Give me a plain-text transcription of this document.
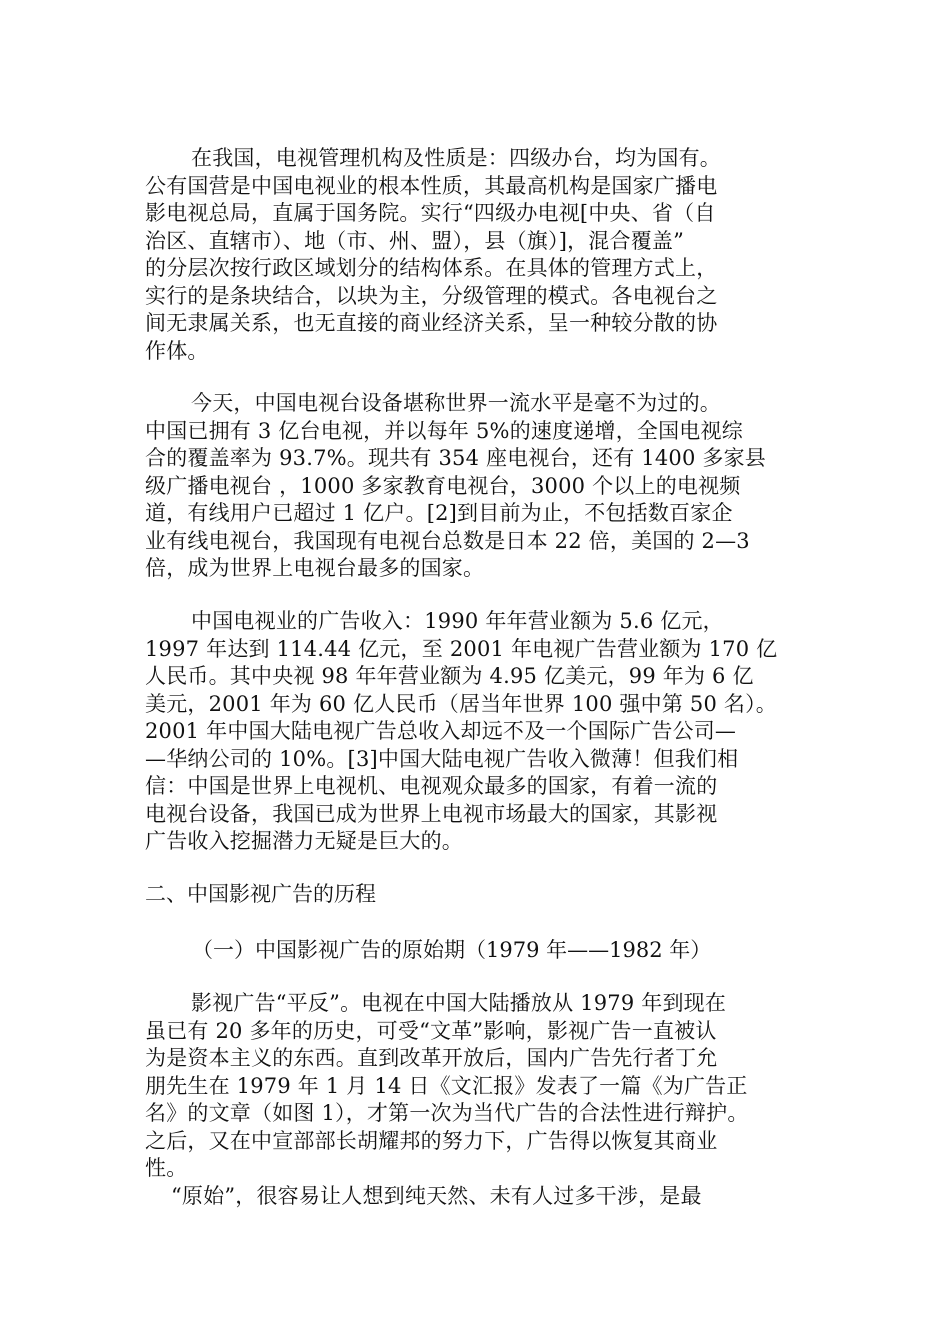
在我国，电视管理机构及性质是：四级办台，均为国有。
公有国营是中国电视业的根本性质，其最高机构是国家广播电
影电视总局，直属于国务院。实行“四级办电视[中央、省（自
治区、直辖市）、地（市、州、盟），县（旗）]，混合覆盖”
的分层次按行政区域划分的结构体系。在具体的管理方式上，
实行的是条块结合，以块为主，分级管理的模式。各电视台之
间无隶属关系，也无直接的商业经济关系，呈一种较分散的协
作体。
今天，中国电视台设备堪称世界一流水平是毫不为过的。
中国已拥有 3 亿台电视，并以每年 5%的速度递增，全国电视综
合的覆盖率为 93.7%。现共有 354 座电视台，还有 1400 多家县
级广播电视台 ，1000 多家教育电视台，3000 个以上的电视频
道，有线用户已超过 1 亿户。[2]到目前为止，不包括数百家企
业有线电视台，我国现有电视台总数是日本 22 倍，美国的 2—3
倍，成为世界上电视台最多的国家。
中国电视业的广告收入：1990 年年营业额为 5.6 亿元，
1997 年达到 114.44 亿元，至 2001 年电视广告营业额为 170 亿
人民币。其中央视 98 年年营业额为 4.95 亿美元，99 年为 6 亿
美元，2001 年为 60 亿人民币（居当年世界 100 强中第 50 名）。
2001 年中国大陆电视广告总收入却远不及一个国际广告公司—
—华纳公司的 10%。[3]中国大陆电视广告收入微薄！但我们相
信：中国是世界上电视机、电视观众最多的国家，有着一流的
电视台设备，我国已成为世界上电视市场最大的国家，其影视
广告收入挖掘潜力无疑是巨大的。
二、中国影视广告的历程
（一）中国影视广告的原始期（1979 年——1982 年）
影视广告“平反”。电视在中国大陆播放从 1979 年到现在
虽已有 20 多年的历史，可受“文革”影响，影视广告一直被认
为是资本主义的东西。直到改革开放后，国内广告先行者丁允
朋先生在 1979 年 1 月 14 日《文汇报》发表了一篇《为广告正
名》的文章（如图 1），才第一次为当代广告的合法性进行辩护。
之后，又在中宣部部长胡耀邦的努力下，广告得以恢复其商业
性。
“原始”，很容易让人想到纯天然、未有人过多干涉，是最
